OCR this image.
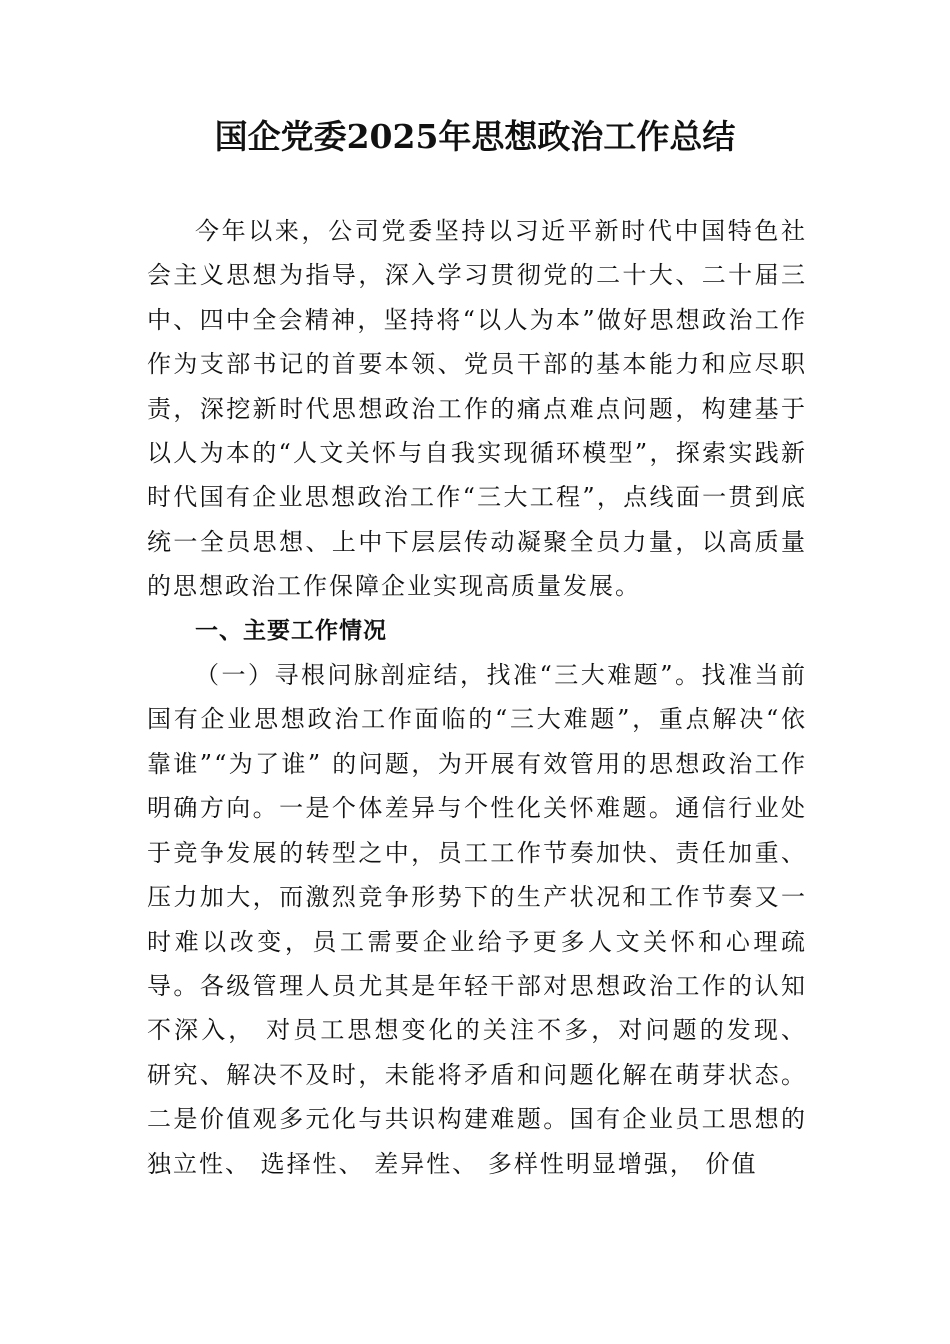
国企党委2025年思想政治工作总结

今年以来，公司党委坚持以习近平新时代中国特色社会主义思想为指导，深入学习贯彻党的二十大、二十届三中、四中全会精神，坚持将“以人为本”做好思想政治工作作为支部书记的首要本领、党员干部的基本能力和应尽职责，深挖新时代思想政治工作的痛点难点问题，构建基于以人为本的“人文关怀与自我实现循环模型”，探索实践新时代国有企业思想政治工作“三大工程”，点线面一贯到底统一全员思想、上中下层层传动凝聚全员力量，以高质量的思想政治工作保障企业实现高质量发展。

一、主要工作情况

（一）寻根问脉剖症结，找准“三大难题”。找准当前国有企业思想政治工作面临的“三大难题”，重点解决“依靠谁”“为了谁” 的问题，为开展有效管用的思想政治工作明确方向。一是个体差异与个性化关怀难题。通信行业处于竞争发展的转型之中，员工工作节奏加快、责任加重、压力加大，而激烈竞争形势下的生产状况和工作节奏又一时难以改变，员工需要企业给予更多人文关怀和心理疏导。各级管理人员尤其是年轻干部对思想政治工作的认知不深入， 对员工思想变化的关注不多，对问题的发现、 研究、解决不及时，未能将矛盾和问题化解在萌芽状态。二是价值观多元化与共识构建难题。国有企业员工思想的独立性、 选择性、 差异性、 多样性明显增强， 价值
